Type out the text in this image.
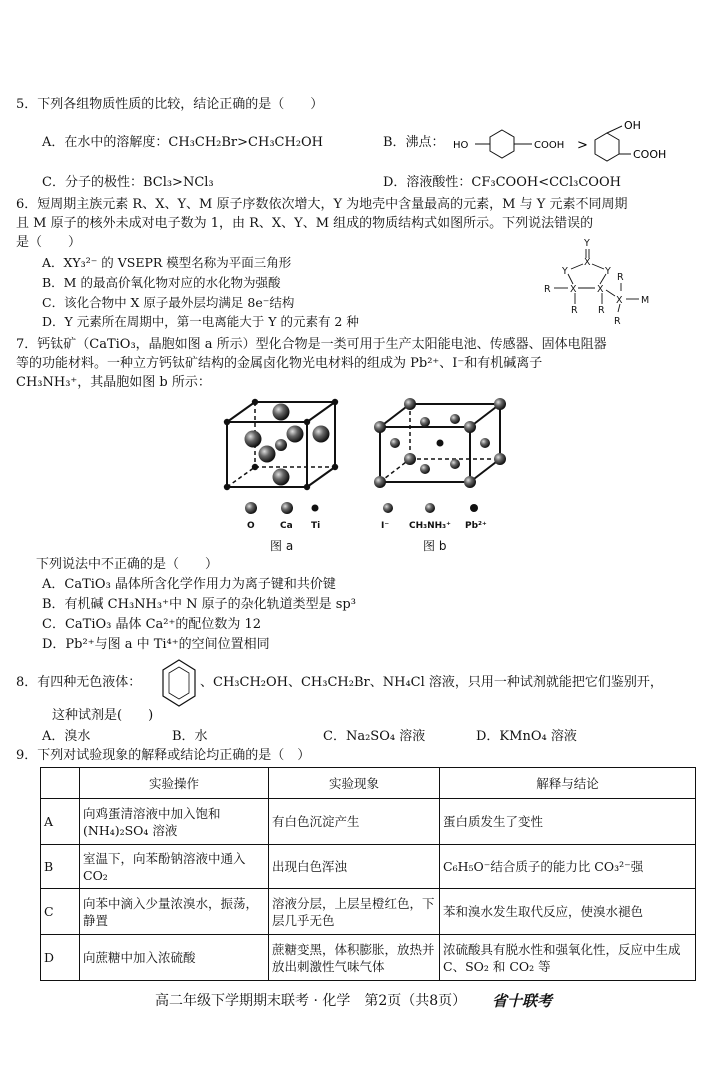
5．下列各组物质性质的比较，结论正确的是（　　）
A．在水中的溶解度：CH₃CH₂Br>CH₃CH₂OH	B．沸点： HO	COOH >
OH
COOH
C．分子的极性：BCl₃>NCl₃	D．溶液酸性：CF₃COOH<CCl₃COOH
6．短周期主族元素 R、X、Y、M 原子序数依次增大，Y 为地壳中含量最高的元素，M 与 Y 元素不同周期
且 M 原子的核外未成对电子数为 1，由 R、X、Y、M 组成的物质结构式如图所示。下列说法错误的
是（　　）
A．XY₃²⁻ 的 VSEPR 模型名称为平面三角形
B．M 的最高价氧化物对应的水化物为强酸
C．该化合物中 X 原子最外层均满足 8e⁻结构
D．Y 元素所在周期中，第一电离能大于 Y 的元素有 2 种
Y
X
Y	Y
R X X
R R
R
X M
R
7．钙钛矿（CaTiO₃，晶胞如图 a 所示）型化合物是一类可用于生产太阳能电池、传感器、固体电阻器
等的功能材料。一种立方钙钛矿结构的金属卤化物光电材料的组成为 Pb²⁺、I⁻和有机碱离子
CH₃NH₃⁺，其晶胞如图 b 所示：
O	Ca Ti	I⁻ CH₃NH₃⁺ Pb²⁺
图 a	图 b
下列说法中不正确的是（　　）
A．CaTiO₃ 晶体所含化学作用力为离子键和共价键
B．有机碱 CH₃NH₃⁺中 N 原子的杂化轨道类型是 sp³
C．CaTiO₃ 晶体 Ca²⁺的配位数为 12
D．Pb²⁺与图 a 中 Ti⁴⁺的空间位置相同
8．有四种无色液体：	、CH₃CH₂OH、CH₃CH₂Br、NH₄Cl 溶液，只用一种试剂就能把它们鉴别开，
这种试剂是(　　)
A．溴水	B．水	C．Na₂SO₄ 溶液	D．KMnO₄ 溶液
9．下列对试验现象的解释或结论均正确的是（　）
	实验操作	实验现象	解释与结论
A	向鸡蛋清溶液中加入饱和 (NH₄)₂SO₄ 溶液	有白色沉淀产生	蛋白质发生了变性
B	室温下，向苯酚钠溶液中通入 CO₂	出现白色浑浊	C₆H₅O⁻结合质子的能力比 CO₃²⁻强
C	向苯中滴入少量浓溴水，振荡，静置	溶液分层，上层呈橙红色，下层几乎无色	苯和溴水发生取代反应，使溴水褪色
D	向蔗糖中加入浓硫酸	蔗糖变黑，体积膨胀，放热并放出刺激性气味气体	浓硫酸具有脱水性和强氧化性，反应中生成 C、SO₂ 和 CO₂ 等
高二年级下学期期末联考 · 化学　第2页（共8页） 省十联考
